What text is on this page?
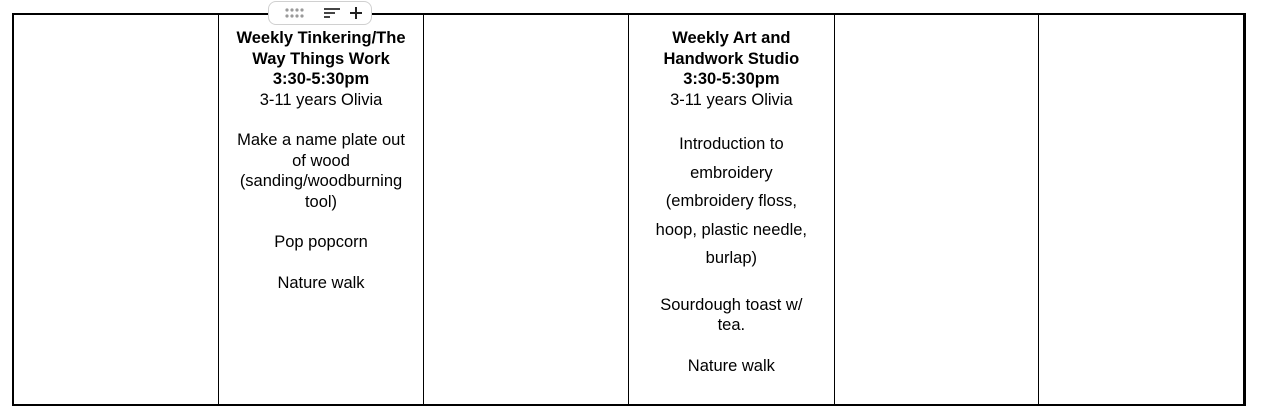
Weekly Tinkering/The
Way Things Work
3:30-5:30pm
3-11 years Olivia
Make a name plate out
of wood
(sanding/woodburning
tool)
Pop popcorn
Nature walk
Weekly Art and
Handwork Studio
3:30-5:30pm
3-11 years Olivia
Introduction to
embroidery
(embroidery floss,
hoop, plastic needle,
burlap)
Sourdough toast w/
tea.
Nature walk
